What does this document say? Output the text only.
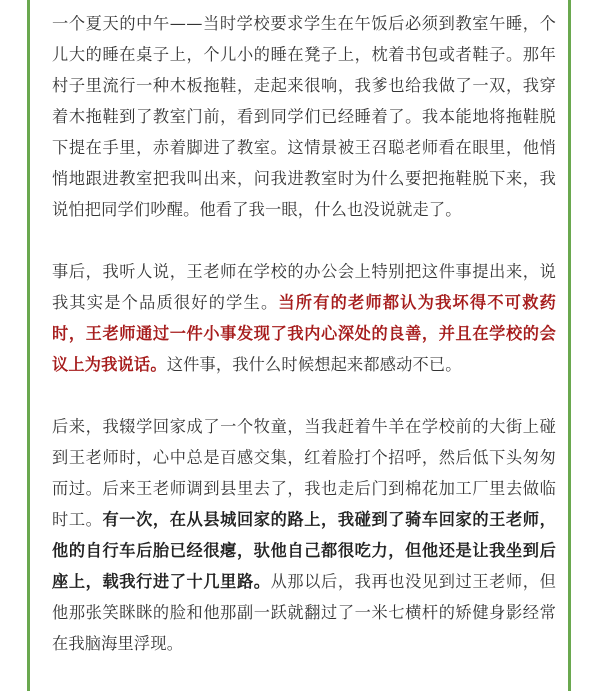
一个夏天的中午——当时学校要求学生在午饭后必须到教室午睡，个儿大的睡在桌子上，个儿小的睡在凳子上，枕着书包或者鞋子。那年村子里流行一种木板拖鞋，走起来很响，我爹也给我做了一双，我穿着木拖鞋到了教室门前，看到同学们已经睡着了。我本能地将拖鞋脱下提在手里，赤着脚进了教室。这情景被王召聪老师看在眼里，他悄悄地跟进教室把我叫出来，问我进教室时为什么要把拖鞋脱下来，我说怕把同学们吵醒。他看了我一眼，什么也没说就走了。

事后，我听人说，王老师在学校的办公会上特别把这件事提出来，说我其实是个品质很好的学生。当所有的老师都认为我坏得不可救药时，王老师通过一件小事发现了我内心深处的良善，并且在学校的会议上为我说话。这件事，我什么时候想起来都感动不已。

后来，我辍学回家成了一个牧童，当我赶着牛羊在学校前的大街上碰到王老师时，心中总是百感交集，红着脸打个招呼，然后低下头匆匆而过。后来王老师调到县里去了，我也走后门到棉花加工厂里去做临时工。有一次，在从县城回家的路上，我碰到了骑车回家的王老师，他的自行车后胎已经很瘪，驮他自己都很吃力，但他还是让我坐到后座上，载我行进了十几里路。从那以后，我再也没见到过王老师，但他那张笑眯眯的脸和他那副一跃就翻过了一米七横杆的矫健身影经常在我脑海里浮现。
